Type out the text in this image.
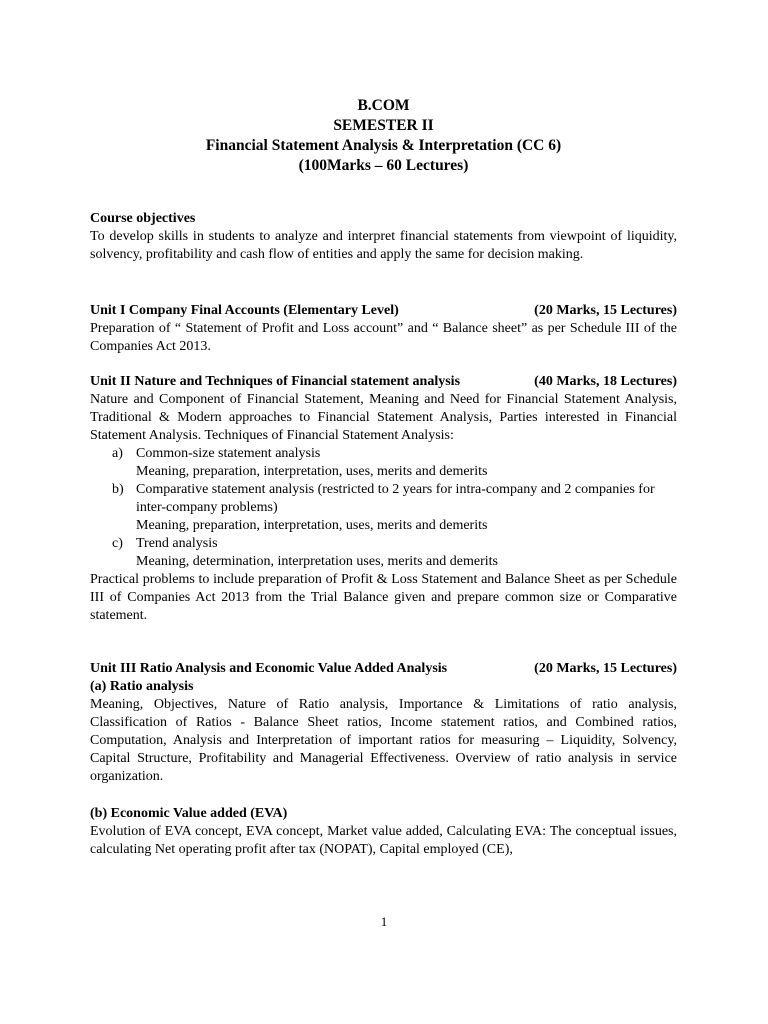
B.COM
SEMESTER II
Financial Statement Analysis & Interpretation (CC 6)
(100Marks – 60 Lectures)
Course objectives
To develop skills in students to analyze and interpret financial statements from viewpoint of liquidity, solvency, profitability and cash flow of entities and apply the same for decision making.
Unit I Company Final Accounts (Elementary Level)	(20 Marks, 15 Lectures)
Preparation of “ Statement of Profit and Loss account” and “ Balance sheet” as per Schedule III of the Companies Act 2013.
Unit II Nature and Techniques of Financial statement analysis	(40 Marks, 18 Lectures)
Nature and Component of Financial Statement, Meaning and Need for Financial Statement Analysis, Traditional & Modern approaches to Financial Statement Analysis, Parties interested in Financial Statement Analysis. Techniques of Financial Statement Analysis:
a) Common-size statement analysis
Meaning, preparation, interpretation, uses, merits and demerits
b) Comparative statement analysis (restricted to 2 years for intra-company and 2 companies for inter-company problems)
Meaning, preparation, interpretation, uses, merits and demerits
c) Trend analysis
Meaning, determination, interpretation uses, merits and demerits
Practical problems to include preparation of Profit & Loss Statement and Balance Sheet as per Schedule III of Companies Act 2013 from the Trial Balance given and prepare common size or Comparative statement.
Unit III Ratio Analysis and Economic Value Added Analysis	(20 Marks, 15 Lectures)
(a) Ratio analysis
Meaning, Objectives, Nature of Ratio analysis, Importance & Limitations of ratio analysis, Classification of Ratios - Balance Sheet ratios, Income statement ratios, and Combined ratios, Computation, Analysis and Interpretation of important ratios for measuring – Liquidity, Solvency, Capital Structure, Profitability and Managerial Effectiveness. Overview of ratio analysis in service organization.
(b) Economic Value added (EVA)
Evolution of EVA concept, EVA concept, Market value added, Calculating EVA: The conceptual issues, calculating Net operating profit after tax (NOPAT), Capital employed (CE),
1
